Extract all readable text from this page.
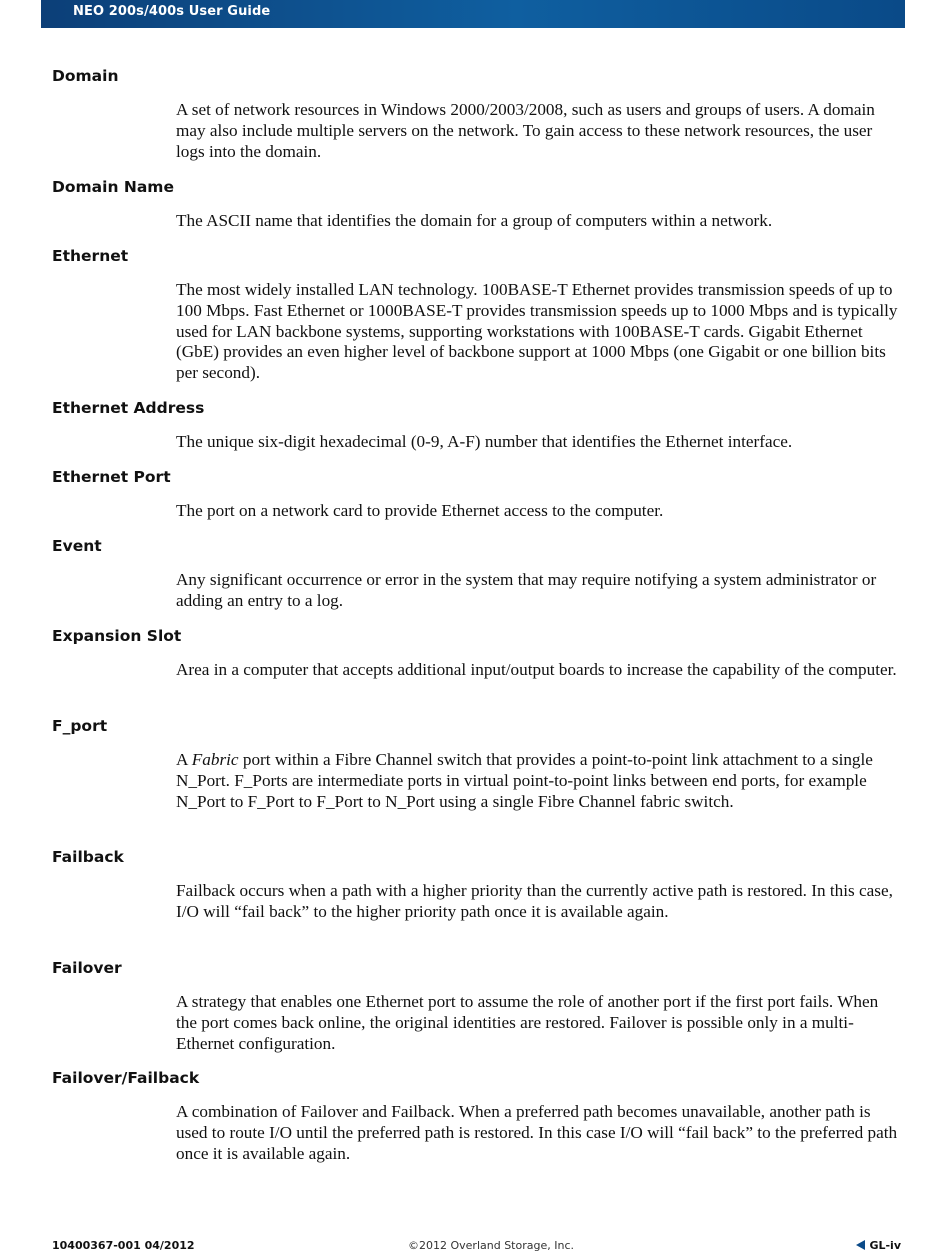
NEO 200s/400s User Guide
Domain
A set of network resources in Windows 2000/2003/2008, such as users and groups of users. A domain may also include multiple servers on the network. To gain access to these network resources, the user logs into the domain.
Domain Name
The ASCII name that identifies the domain for a group of computers within a network.
Ethernet
The most widely installed LAN technology. 100BASE-T Ethernet provides transmission speeds of up to 100 Mbps. Fast Ethernet or 1000BASE-T provides transmission speeds up to 1000 Mbps and is typically used for LAN backbone systems, supporting workstations with 100BASE-T cards. Gigabit Ethernet (GbE) provides an even higher level of backbone support at 1000 Mbps (one Gigabit or one billion bits per second).
Ethernet Address
The unique six-digit hexadecimal (0-9, A-F) number that identifies the Ethernet interface.
Ethernet Port
The port on a network card to provide Ethernet access to the computer.
Event
Any significant occurrence or error in the system that may require notifying a system administrator or adding an entry to a log.
Expansion Slot
Area in a computer that accepts additional input/output boards to increase the capability of the computer.
F_port
A Fabric port within a Fibre Channel switch that provides a point-to-point link attachment to a single N_Port. F_Ports are intermediate ports in virtual point-to-point links between end ports, for example N_Port to F_Port to F_Port to N_Port using a single Fibre Channel fabric switch.
Failback
Failback occurs when a path with a higher priority than the currently active path is restored. In this case, I/O will “fail back” to the higher priority path once it is available again.
Failover
A strategy that enables one Ethernet port to assume the role of another port if the first port fails. When the port comes back online, the original identities are restored. Failover is possible only in a multi-Ethernet configuration.
Failover/Failback
A combination of Failover and Failback. When a preferred path becomes unavailable, another path is used to route I/O until the preferred path is restored. In this case I/O will “fail back” to the preferred path once it is available again.
10400367-001 04/2012	©2012 Overland Storage, Inc.	GL-iv
